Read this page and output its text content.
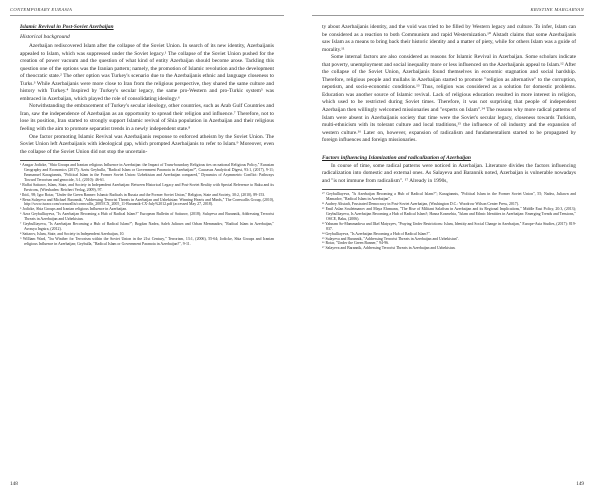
CONTEMPORARY EURASIA
Islamic Revival in Post-Soviet Azerbaijan
Historical background

Azerbaijan rediscovered Islam after the collapse of the Soviet Union. In search of its new identity, Azerbaijanis appealed to Islam, which was suppressed under the Soviet legacy.¹ The collapse of the Soviet Union pushed for the creation of power vacuum and the question of what kind of entity Azerbaijan should become arose. Tackling this question one of the options was the Iranian pattern; namely, the promotion of Islamic revolution and the development of theocratic state.² The other option was Turkey's scenario due to the Azerbaijanis ethnic and language closeness to Turks.³ While Azerbaijanis were more close to Iran from the religious perspective, they shared the same culture and history with Turkey.⁴ Inspired by Turkey's secular legacy, the same pro-Western and pro-Turkic system⁵ was embraced in Azerbaijan, which played the role of consolidating ideology.⁶

Notwithstanding the embracement of Turkey's secular ideology, other countries, such as Arab Gulf Countries and Iran, saw the independence of Azerbaijan as an opportunity to spread their religion and influence.⁷ Therefore, not to lose its position, Iran started to strongly support Islamic revival of Shia population in Azerbaijan and their religious feeling with the aim to promote separatist trends in a newly independent state.⁸

One factor promoting Islamic Revival was Azerbaijanis response to enforced atheism by the Soviet Union. The Soviet Union left Azerbaijanis with ideological gap, which prompted Azerbaijanis to refer to Islam.⁹ Moreover, even the collapse of the Soviet Union did not stop the uncertain-

¹ Ansgar Jodicke, "Shia Groups and Iranian religious Influence in Azerbaijan: the Impact of Trans-boundary Religious ties on national Religious Policy," Eurasian Geography and Economics (2017); Azriu Geybulla, "Radical Islam or Government Paranoia in Azerbaijan?", Caucasus Analytical Digest, 93:1, (2017), 9-11; Emmanuel Karagiannis, "Political Islam in the Former Soviet Union: Uzbekistan and Azerbaijan compared," Dynamics of Asymmetric Conflict: Pathways Toward Terrorism and genocide, 3:1, (2010): 46-61.

² Raffai Sattarov, Islam, State, and Society in Independent Azerbaijan: Between Historical Legacy and Post-Soviet Reality with Special Reference to Baku and its Environs, (Wiesbaden: Reichert Verlag, 2009), 97.

³ Ibid., 98; Igor Rotar, "Under the Green Banner: Islamic Radicals in Russia and the Former Soviet Union," Religion, State and Society, 30:2, (2010), 89-153.

⁴ Rena Sulayeva and Michael Barannik, "Addressing Terrorist Threats in Azerbaijan and Uzbekistan: Winning Hearts and Minds," The Cornwallis Group, (2010), http://www.israor.com/cornwallis/cornwallis_2005/CX_2005_11-Barannik-CX-July%2012.pdf (accessed May 27, 2018).

⁵ Jodicke, Shia Groups and Iranian religious Influence in Azerbaijan.

⁶ Azra Geybulliayeva, "Is Azerbaijan Becoming a Hub of Radical Islam?" European Bulletin of Sattarov, (2018); Sulayeva and Barannik, Addressing Terrorist Threats in Azerbaijan and Uzbekistan.

⁷ Geybulliayeva, "Is Azerbaijan Becoming a Hub of Radical Islam?"; Bogdan Nadea, Saleh Juliawn and Orhan Memmadov, "Radical Islam in Azerbaijan," Avrasya Ingstra, (2012).

⁸ Sattarov, Islam, State, and Society in Independent Azerbaijan, 10.

⁹ William Ward, "Ira Winther for Terrorism within the Soviet Union in the 21st Century," Terrorism, 13:1, (2006), 55-64; Jodicke, Shia Groups and Iranian religious Influence in Azerbaijan; Geybulla, "Radical Islam or Government Paranoia in Azerbaijan?", 9-11.

148
KRISTINE MARGARYAN

ty about Azerbaijanis identity, and the void was tried to be filled by Western legacy and culture. To infer, Islam can be considered as a reaction to both Communism and rapid Westernization.¹⁰ Alstadt claims that some Azerbaijanis saw Islam as a means to bring back their historic identity and a matter of piety, while for others Islam was a guide of morality.¹¹

Some internal factors are also considered as reasons for Islamic Revival in Azerbaijan. Some scholars indicate that poverty, unemployment and social inequality more or less influenced on the Azerbaijanis appeal to Islam.¹² After the collapse of the Soviet Union, Azerbaijanis found themselves in economic stagnation and social hardship. Therefore, religious people and mullahs in Azerbaijan started to promote "religion as alternative" to the corruption, nepotism, and socio-economic conditions.¹³ Thus, religion was considered as a solution for domestic problems. Education was another source of Islamic revival. Lack of religious education resulted in more interest in religion, which used to be restricted during Soviet times. Therefore, it was not surprising that people of independent Azerbaijan then willingly welcomed missionaries and "experts on Islam".¹⁴ The reasons why more radical patterns of Islam were absent in Azerbaijanis society that time were the Soviet's secular legacy, closeness towards Turkism, multi-ethnicism with its tolerant culture and local traditions,¹⁵ the influence of oil industry and the expansion of western culture.¹⁶ Later on, however, expansion of radicalism and fundamentalism started to be propagated by foreign influences and foreign missionaries.

Factors influencing Islamization and radicalization of Azerbaijan

In course of time, some radical patterns were noticed in Azerbaijan. Literature divides the factors influencing radicalization into domestic and external ones. As Salayeva and Barannik noted, Azerbaijan is vulnerable nowadays and "is not immune from radicalism". ¹⁷ Already in 1990s,

¹⁰ Geybulliayeva, "Is Azerbaijan Becoming a Hub of Radical Islam?"; Karagiannis, "Political Islam in the Former Soviet Union", 55; Nadea, Juliawn and Mamadov, "Radical Islam in Azerbaijan".

¹¹ Audrey Altstadt, Frustrated Democracy in Post-Soviet Azerbaijan, (Washington D.C.: Woodrow Wilson Center Press, 2017).

¹² Emil Aslan Souleimanov and Maya Ehrmann, "The Rise of Militant Salafism in Azerbaijan and its Regional Implications," Middle East Policy, 20:3, (2013); Geybulliayeva, Is Azerbaijan Becoming a Hub of Radical Islam?; Hasna Kosmehia, "Islam and Ethnic Identities in Azerbaijan: Emerging Trends and Tensions," OSCE, Baku, (2006).

¹³ Yahnam So-Mammadova and Ilkel Matyzyev, "Praying Under Restrictions: Islam, Identity and Social Change in Azerbaijan," Europe-Asia Studies, (2017): 819-837.

¹⁴ Geybulliayeva, "Is Azerbaijan Becoming a Hub of Radical Islam?".

¹⁵ Sulayeva and Barannik, "Addressing Terrorist Threats in Azerbaijan and Uzbekistan".

¹⁶ Rotar, "Under the Green Banner," 94-96.

¹⁷ Salayeva and Barannik, Addressing Terrorist Threats in Azerbaijan and Uzbekistan.

149
